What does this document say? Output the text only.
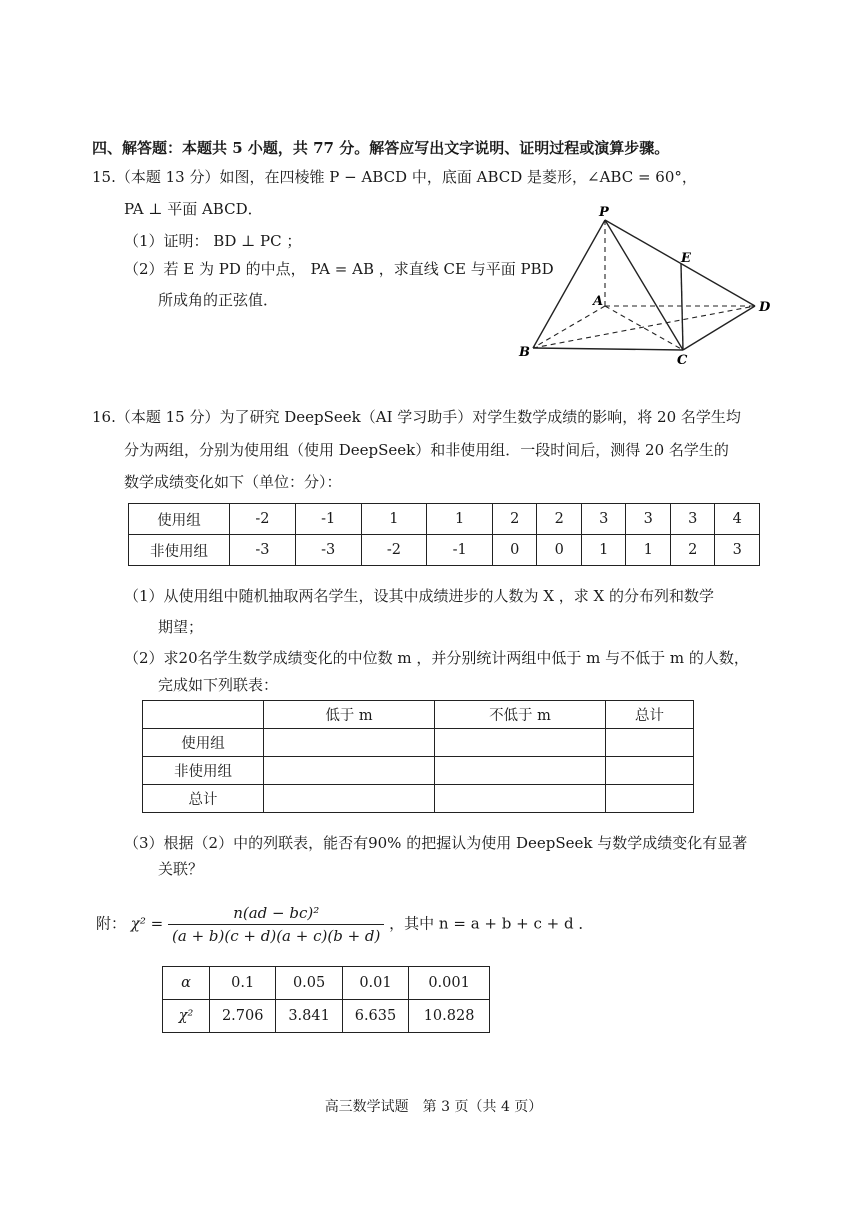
四、解答题：本题共 5 小题，共 77 分。解答应写出文字说明、证明过程或演算步骤。
15.（本题 13 分）如图，在四棱锥 P − ABCD 中，底面 ABCD 是菱形，∠ABC = 60°，
PA ⊥ 平面 ABCD．
（1）证明： BD ⊥ PC ；
（2）若 E 为 PD 的中点， PA = AB ，求直线 CE 与平面 PBD
所成角的正弦值．
P
E
A	D
B
C
16.（本题 15 分）为了研究 DeepSeek（AI 学习助手）对学生数学成绩的影响，将 20 名学生均
分为两组，分别为使用组（使用 DeepSeek）和非使用组．一段时间后，测得 20 名学生的
数学成绩变化如下（单位：分）：
使用组	-2	-1	1	1	2	2	3	3	3	4
非使用组	-3	-3	-2	-1	0	0	1	1	2	3
（1）从使用组中随机抽取两名学生，设其中成绩进步的人数为 X ，求 X 的分布列和数学
期望；
（2）求20名学生数学成绩变化的中位数 m ，并分别统计两组中低于 m 与不低于 m 的人数，
完成如下列联表：
	低于 m	不低于 m	总计
使用组			
非使用组			
总计			
（3）根据（2）中的列联表，能否有90% 的把握认为使用 DeepSeek 与数学成绩变化有显著
关联？
附： $\chi^2 = \frac{\text{n(ad − bc)²}}{(a + b)(c + d)(a + c)(b + d)}$ ，其中 n = a + b + c + d ．
α	0.1	0.05	0.01	0.001
χ²	2.706	3.841	6.635	10.828
高三数学试题　第 3 页（共 4 页）
